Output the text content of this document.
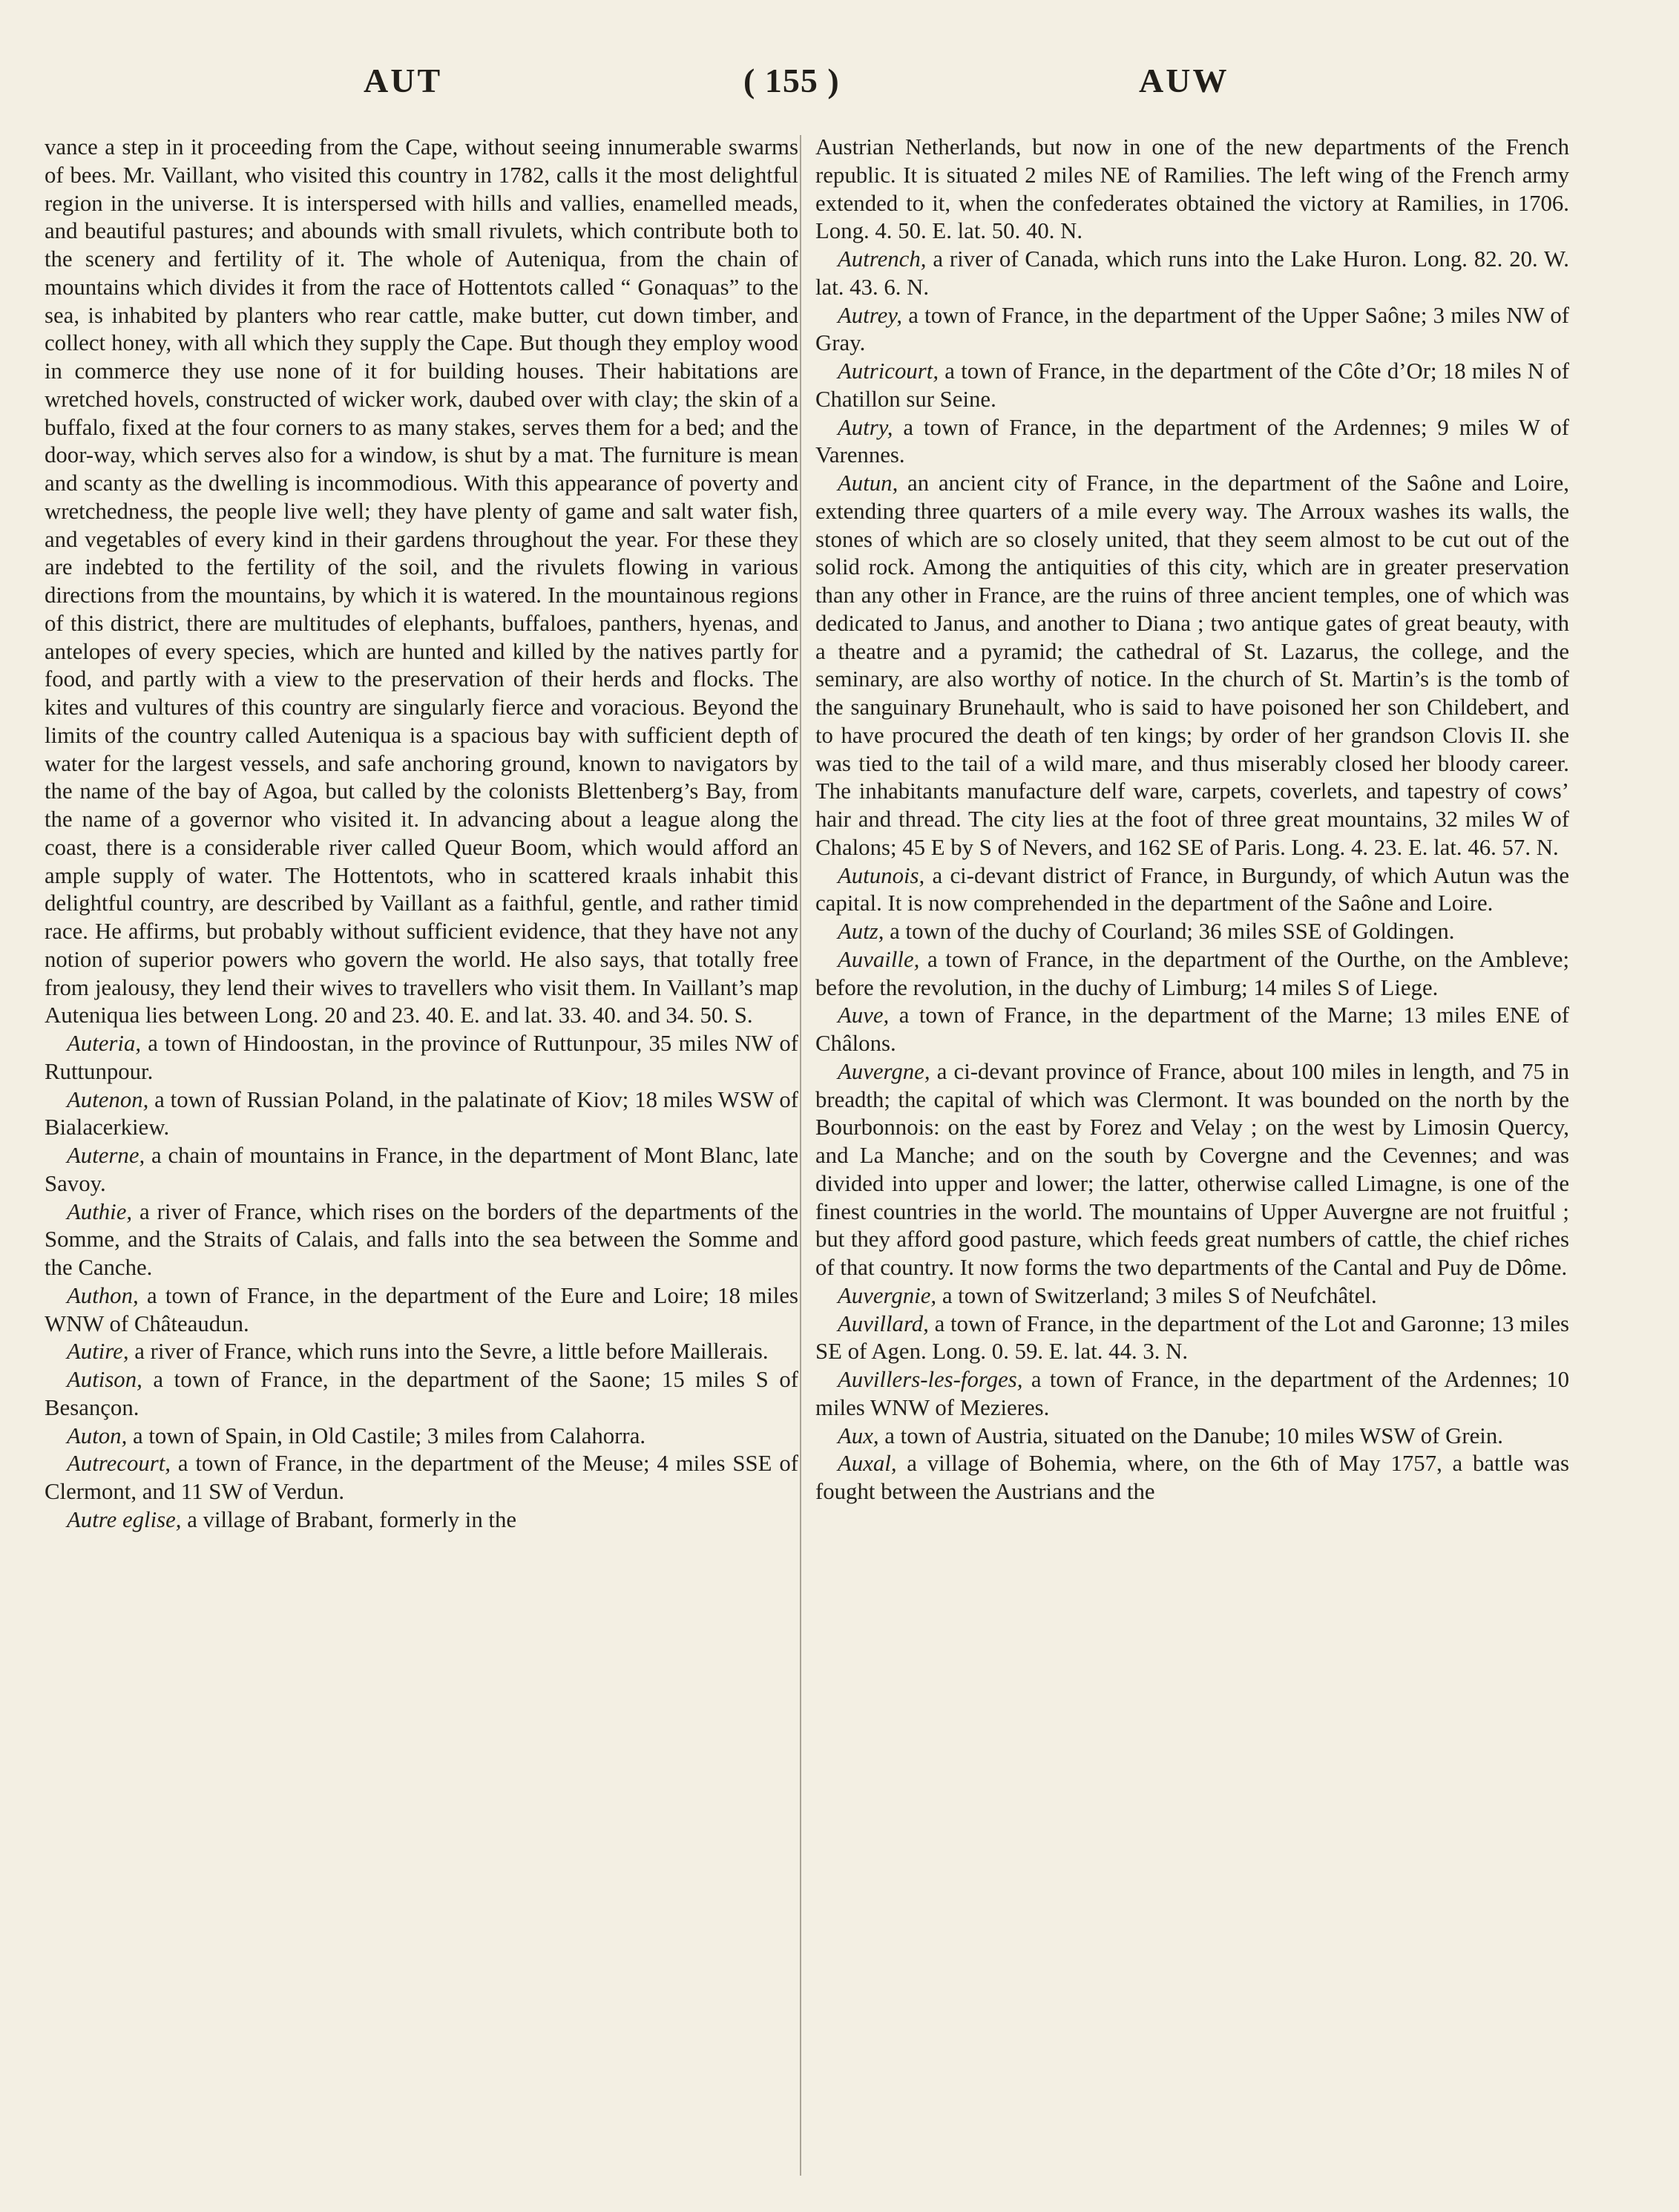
AUT	( 155 )	AUW

vance a step in it proceeding from the Cape, without seeing innumerable swarms of bees. Mr. Vaillant, who visited this country in 1782, calls it the most delightful region in the universe. It is interspersed with hills and vallies, enamelled meads, and beautiful pastures; and abounds with small rivulets, which contribute both to the scenery and fertility of it. The whole of Auteniqua, from the chain of mountains which divides it from the race of Hottentots called “ Gonaquas” to the sea, is inhabited by planters who rear cattle, make butter, cut down timber, and collect honey, with all which they supply the Cape. But though they employ wood in commerce they use none of it for building houses. Their habitations are wretched hovels, constructed of wicker work, daubed over with clay; the skin of a buffalo, fixed at the four corners to as many stakes, serves them for a bed; and the door-way, which serves also for a window, is shut by a mat. The furniture is mean and scanty as the dwelling is incommodious. With this appearance of poverty and wretchedness, the people live well; they have plenty of game and salt water fish, and vegetables of every kind in their gardens throughout the year. For these they are indebted to the fertility of the soil, and the rivulets flowing in various directions from the mountains, by which it is watered. In the mountainous regions of this district, there are multitudes of elephants, buffaloes, panthers, hyenas, and antelopes of every species, which are hunted and killed by the natives partly for food, and partly with a view to the preservation of their herds and flocks. The kites and vultures of this country are singularly fierce and voracious. Beyond the limits of the country called Auteniqua is a spacious bay with sufficient depth of water for the largest vessels, and safe anchoring ground, known to navigators by the name of the bay of Agoa, but called by the colonists Blettenberg’s Bay, from the name of a governor who visited it. In advancing about a league along the coast, there is a considerable river called Queur Boom, which would afford an ample supply of water. The Hottentots, who in scattered kraals inhabit this delightful country, are described by Vaillant as a faithful, gentle, and rather timid race. He affirms, but probably without sufficient evidence, that they have not any notion of superior powers who govern the world. He also says, that totally free from jealousy, they lend their wives to travellers who visit them. In Vaillant’s map Auteniqua lies between Long. 20 and 23. 40. E. and lat. 33. 40. and 34. 50. S.

Auteria, a town of Hindoostan, in the province of Ruttunpour, 35 miles NW of Ruttunpour.

Autenon, a town of Russian Poland, in the palatinate of Kiov; 18 miles WSW of Bialacerkiew.

Auterne, a chain of mountains in France, in the department of Mont Blanc, late Savoy.

Authie, a river of France, which rises on the borders of the departments of the Somme, and the Straits of Calais, and falls into the sea between the Somme and the Canche.

Authon, a town of France, in the department of the Eure and Loire; 18 miles WNW of Châteaudun.

Autire, a river of France, which runs into the Sevre, a little before Maillerais.

Autison, a town of France, in the department of the Saone; 15 miles S of Besançon.

Auton, a town of Spain, in Old Castile; 3 miles from Calahorra.

Autrecourt, a town of France, in the department of the Meuse; 4 miles SSE of Clermont, and 11 SW of Verdun.

Autre eglise, a village of Brabant, formerly in the

Austrian Netherlands, but now in one of the new departments of the French republic. It is situated 2 miles NE of Ramilies. The left wing of the French army extended to it, when the confederates obtained the victory at Ramilies, in 1706. Long. 4. 50. E. lat. 50. 40. N.

Autrench, a river of Canada, which runs into the Lake Huron. Long. 82. 20. W. lat. 43. 6. N.

Autrey, a town of France, in the department of the Upper Saône; 3 miles NW of Gray.

Autricourt, a town of France, in the department of the Côte d’Or; 18 miles N of Chatillon sur Seine.

Autry, a town of France, in the department of the Ardennes; 9 miles W of Varennes.

Autun, an ancient city of France, in the department of the Saône and Loire, extending three quarters of a mile every way. The Arroux washes its walls, the stones of which are so closely united, that they seem almost to be cut out of the solid rock. Among the antiquities of this city, which are in greater preservation than any other in France, are the ruins of three ancient temples, one of which was dedicated to Janus, and another to Diana ; two antique gates of great beauty, with a theatre and a pyramid; the cathedral of St. Lazarus, the college, and the seminary, are also worthy of notice. In the church of St. Martin’s is the tomb of the sanguinary Brunehault, who is said to have poisoned her son Childebert, and to have procured the death of ten kings; by order of her grandson Clovis II. she was tied to the tail of a wild mare, and thus miserably closed her bloody career. The inhabitants manufacture delf ware, carpets, coverlets, and tapestry of cows’ hair and thread. The city lies at the foot of three great mountains, 32 miles W of Chalons; 45 E by S of Nevers, and 162 SE of Paris. Long. 4. 23. E. lat. 46. 57. N.

Autunois, a ci-devant district of France, in Burgundy, of which Autun was the capital. It is now comprehended in the department of the Saône and Loire.

Autz, a town of the duchy of Courland; 36 miles SSE of Goldingen.

Auvaille, a town of France, in the department of the Ourthe, on the Ambleve; before the revolution, in the duchy of Limburg; 14 miles S of Liege.

Auve, a town of France, in the department of the Marne; 13 miles ENE of Châlons.

Auvergne, a ci-devant province of France, about 100 miles in length, and 75 in breadth; the capital of which was Clermont. It was bounded on the north by the Bourbonnois: on the east by Forez and Velay ; on the west by Limosin Quercy, and La Manche; and on the south by Covergne and the Cevennes; and was divided into upper and lower; the latter, otherwise called Limagne, is one of the finest countries in the world. The mountains of Upper Auvergne are not fruitful ; but they afford good pasture, which feeds great numbers of cattle, the chief riches of that country. It now forms the two departments of the Cantal and Puy de Dôme.

Auvergnie, a town of Switzerland; 3 miles S of Neufchâtel.

Auvillard, a town of France, in the department of the Lot and Garonne; 13 miles SE of Agen. Long. 0. 59. E. lat. 44. 3. N.

Auvillers-les-forges, a town of France, in the department of the Ardennes; 10 miles WNW of Mezieres.

Aux, a town of Austria, situated on the Danube; 10 miles WSW of Grein.

Auxal, a village of Bohemia, where, on the 6th of May 1757, a battle was fought between the Austrians and the
